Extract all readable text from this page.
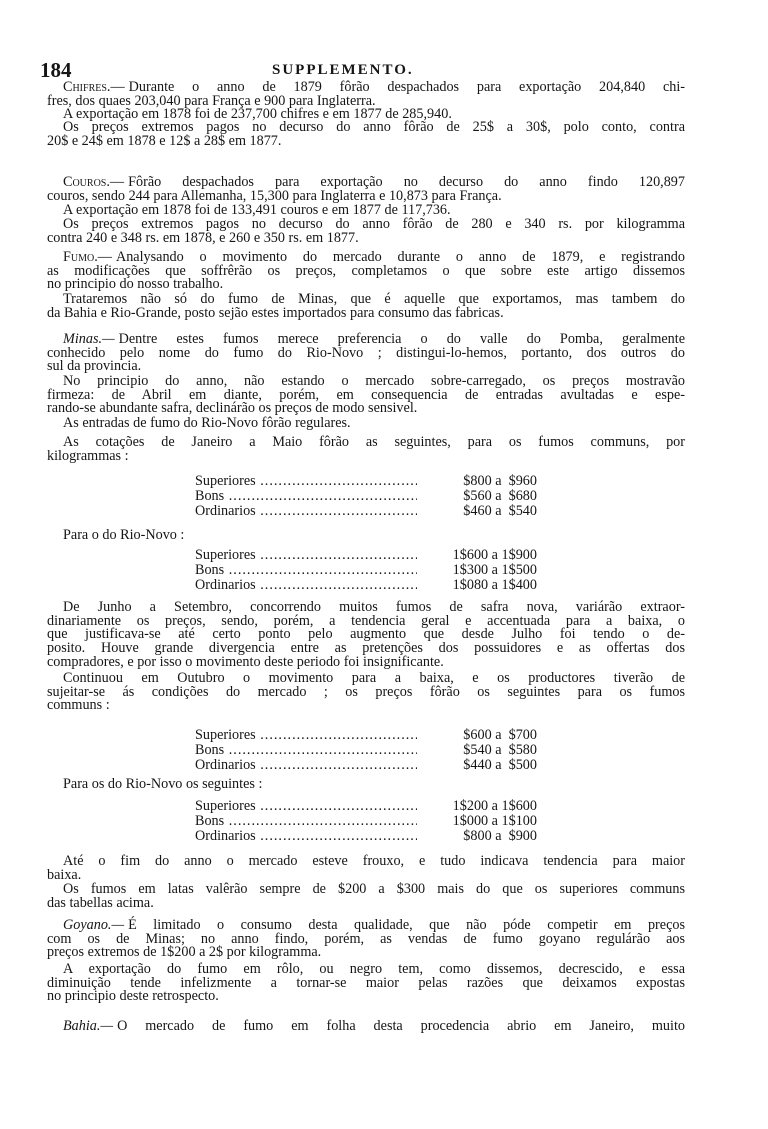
184	SUPPLEMENTO.
Chifres.— Durante o anno de 1879 fôrão despachados para exportação 204,840 chi-
fres, dos quaes 203,040 para França e 900 para Inglaterra.
A exportação em 1878 foi de 237,700 chifres e em 1877 de 285,940.
Os preços extremos pagos no decurso do anno fôrão de 25$ a 30$, polo conto, contra
20$ e 24$ em 1878 e 12$ a 28$ em 1877.
Couros.— Fôrão despachados para exportação no decurso do anno findo 120,897
couros, sendo 244 para Allemanha, 15,300 para Inglaterra e 10,873 para França.
A exportação em 1878 foi de 133,491 couros e em 1877 de 117,736.
Os preços extremos pagos no decurso do anno fôrão de 280 e 340 rs. por kilogramma
contra 240 e 348 rs. em 1878, e 260 e 350 rs. em 1877.
Fumo.— Analysando o movimento do mercado durante o anno de 1879, e registrando
as modificações que soffrêrão os preços, completamos o que sobre este artigo dissemos
no principio do nosso trabalho.
Trataremos não só do fumo de Minas, que é aquelle que exportamos, mas tambem do
da Bahia e Rio-Grande, posto sejão estes importados para consumo das fabricas.
Minas.— Dentre estes fumos merece preferencia o do valle do Pomba, geralmente
conhecido pelo nome do fumo do Rio-Novo ; distingui-lo-hemos, portanto, dos outros do
sul da provincia.
No principio do anno, não estando o mercado sobre-carregado, os preços mostravão
firmeza: de Abril em diante, porém, em consequencia de entradas avultadas e espe-
rando-se abundante safra, declinárão os preços de modo sensivel.
As entradas de fumo do Rio-Novo fôrão regulares.
As cotações de Janeiro a Maio fôrão as seguintes, para os fumos communs, por
kilogrammas :
Superiores .....	$800 a  $960
Bons .....	$560 a  $680
Ordinarios .....	$460 a  $540
Para o do Rio-Novo :
Superiores .....	1$600 a 1$900
Bons .....	1$300 a 1$500
Ordinarios .....	1$080 a 1$400
De Junho a Setembro, concorrendo muitos fumos de safra nova, variárão extraor-
dinariamente os preços, sendo, porém, a tendencia geral e accentuada para a baixa, o
que justificava-se até certo ponto pelo augmento que desde Julho foi tendo o de-
posito. Houve grande divergencia entre as pretenções dos possuidores e as offertas dos
compradores, e por isso o movimento deste periodo foi insignificante.
Continuou em Outubro o movimento para a baixa, e os productores tiverão de
sujeitar-se ás condições do mercado ; os preços fôrão os seguintes para os fumos
communs :
Superiores .....	$600 a  $700
Bons .....	$540 a  $580
Ordinarios .....	$440 a  $500
Para os do Rio-Novo os seguintes :
Superiores .....	1$200 a 1$600
Bons .....	1$000 a 1$100
Ordinarios .....	$800 a  $900
Até o fim do anno o mercado esteve frouxo, e tudo indicava tendencia para maior
baixa.
Os fumos em latas valêrão sempre de $200 a $300 mais do que os superiores communs
das tabellas acima.
Goyano.— É limitado o consumo desta qualidade, que não póde competir em preços
com os de Minas; no anno findo, porém, as vendas de fumo goyano regulárão aos
preços extremos de 1$200 a 2$ por kilogramma.
A exportação do fumo em rôlo, ou negro tem, como dissemos, decrescido, e essa
diminuição tende infelizmente a tornar-se maior pelas razões que deixamos expostas
no principio deste retrospecto.
Bahia.— O mercado de fumo em folha desta procedencia abrio em Janeiro, muito
